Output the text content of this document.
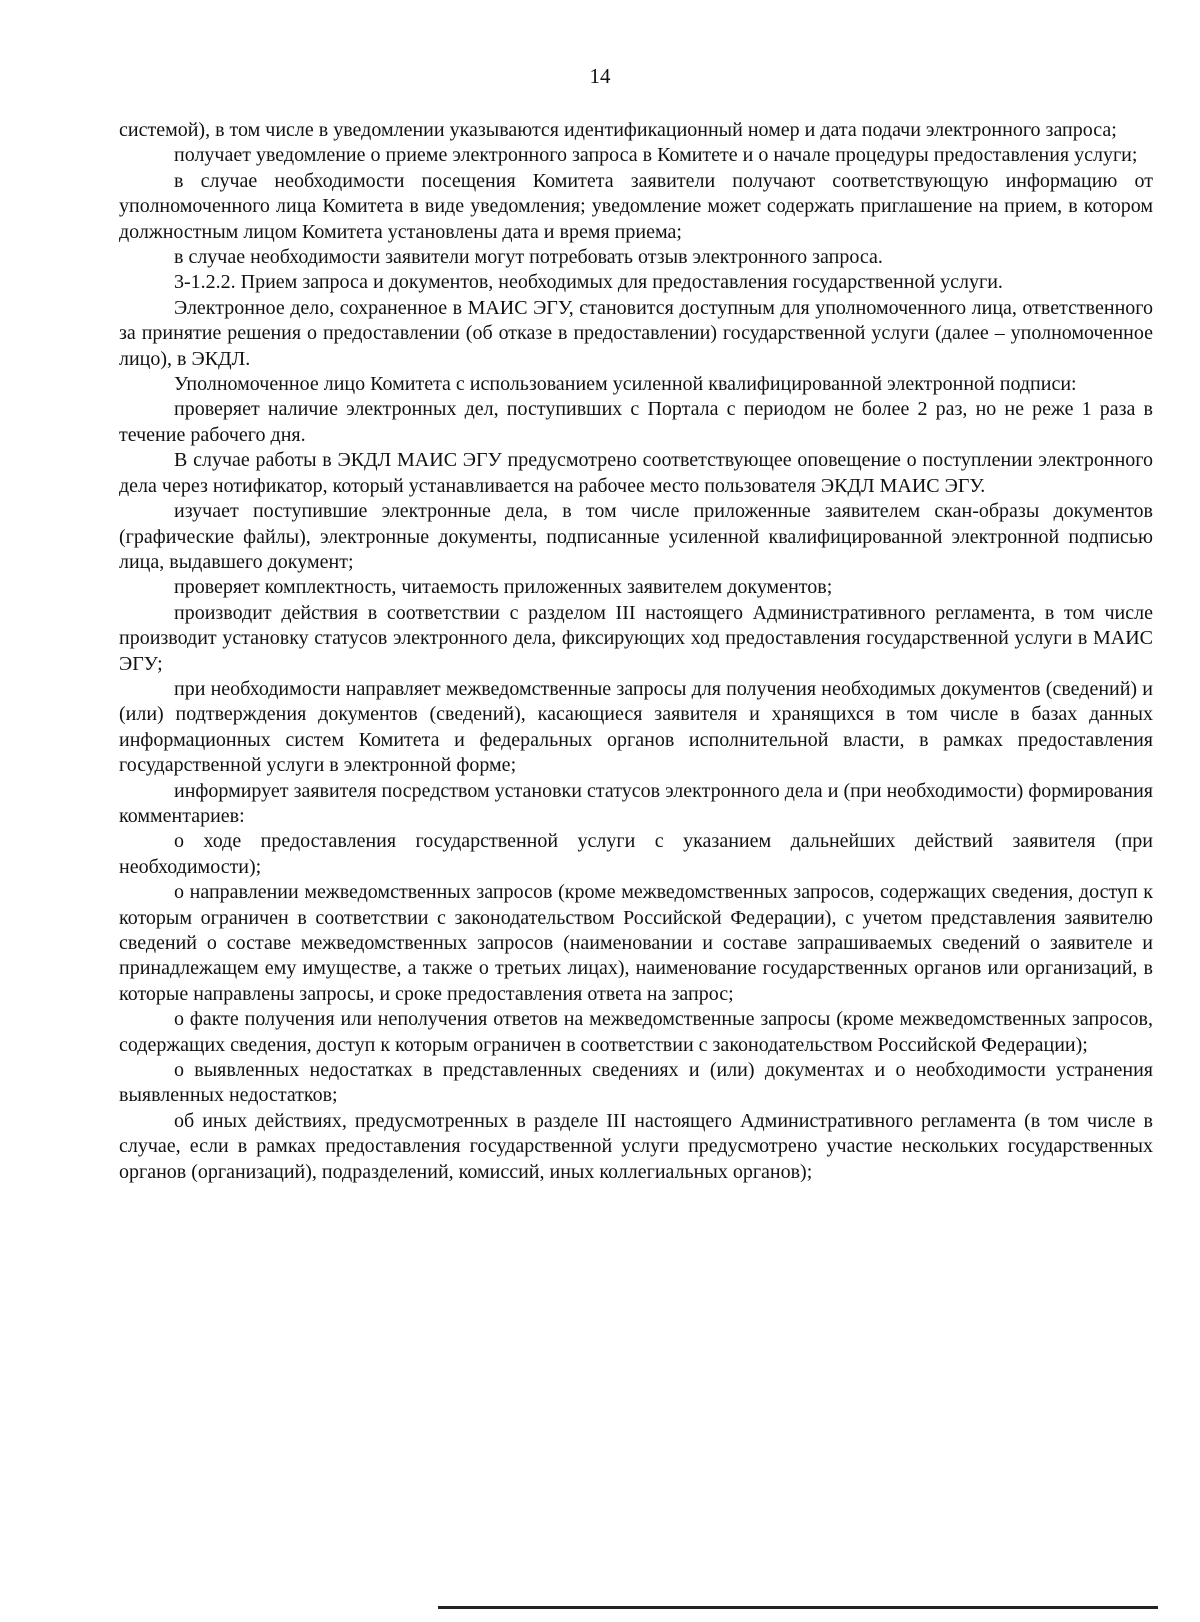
14

системой), в том числе в уведомлении указываются идентификационный номер и дата подачи электронного запроса;

получает уведомление о приеме электронного запроса в Комитете и о начале процедуры предоставления услуги;

в случае необходимости посещения Комитета заявители получают соответствующую информацию от уполномоченного лица Комитета в виде уведомления; уведомление может содержать приглашение на прием, в котором должностным лицом Комитета установлены дата и время приема;

в случае необходимости заявители могут потребовать отзыв электронного запроса.

3-1.2.2. Прием запроса и документов, необходимых для предоставления государственной услуги.

Электронное дело, сохраненное в МАИС ЭГУ, становится доступным для уполномоченного лица, ответственного за принятие решения о предоставлении (об отказе в предоставлении) государственной услуги (далее – уполномоченное лицо), в ЭКДЛ.

Уполномоченное лицо Комитета с использованием усиленной квалифицированной электронной подписи:

проверяет наличие электронных дел, поступивших с Портала с периодом не более 2 раз, но не реже 1 раза в течение рабочего дня.

В случае работы в ЭКДЛ МАИС ЭГУ предусмотрено соответствующее оповещение о поступлении электронного дела через нотификатор, который устанавливается на рабочее место пользователя ЭКДЛ МАИС ЭГУ.

изучает поступившие электронные дела, в том числе приложенные заявителем скан-образы документов (графические файлы), электронные документы, подписанные усиленной квалифицированной электронной подписью лица, выдавшего документ;

проверяет комплектность, читаемость приложенных заявителем документов;

производит действия в соответствии с разделом III настоящего Административного регламента, в том числе производит установку статусов электронного дела, фиксирующих ход предоставления государственной услуги в МАИС ЭГУ;

при необходимости направляет межведомственные запросы для получения необходимых документов (сведений) и (или) подтверждения документов (сведений), касающиеся заявителя и хранящихся в том числе в базах данных информационных систем Комитета и федеральных органов исполнительной власти, в рамках предоставления государственной услуги в электронной форме;

информирует заявителя посредством установки статусов электронного дела и (при необходимости) формирования комментариев:

о ходе предоставления государственной услуги с указанием дальнейших действий заявителя (при необходимости);

о направлении межведомственных запросов (кроме межведомственных запросов, содержащих сведения, доступ к которым ограничен в соответствии с законодательством Российской Федерации), с учетом представления заявителю сведений о составе межведомственных запросов (наименовании и составе запрашиваемых сведений о заявителе и принадлежащем ему имуществе, а также о третьих лицах), наименование государственных органов или организаций, в которые направлены запросы, и сроке предоставления ответа на запрос;

о факте получения или неполучения ответов на межведомственные запросы (кроме межведомственных запросов, содержащих сведения, доступ к которым ограничен в соответствии с законодательством Российской Федерации);

о выявленных недостатках в представленных сведениях и (или) документах и о необходимости устранения выявленных недостатков;

об иных действиях, предусмотренных в разделе III настоящего Административного регламента (в том числе в случае, если в рамках предоставления государственной услуги предусмотрено участие нескольких государственных органов (организаций), подразделений, комиссий, иных коллегиальных органов);
